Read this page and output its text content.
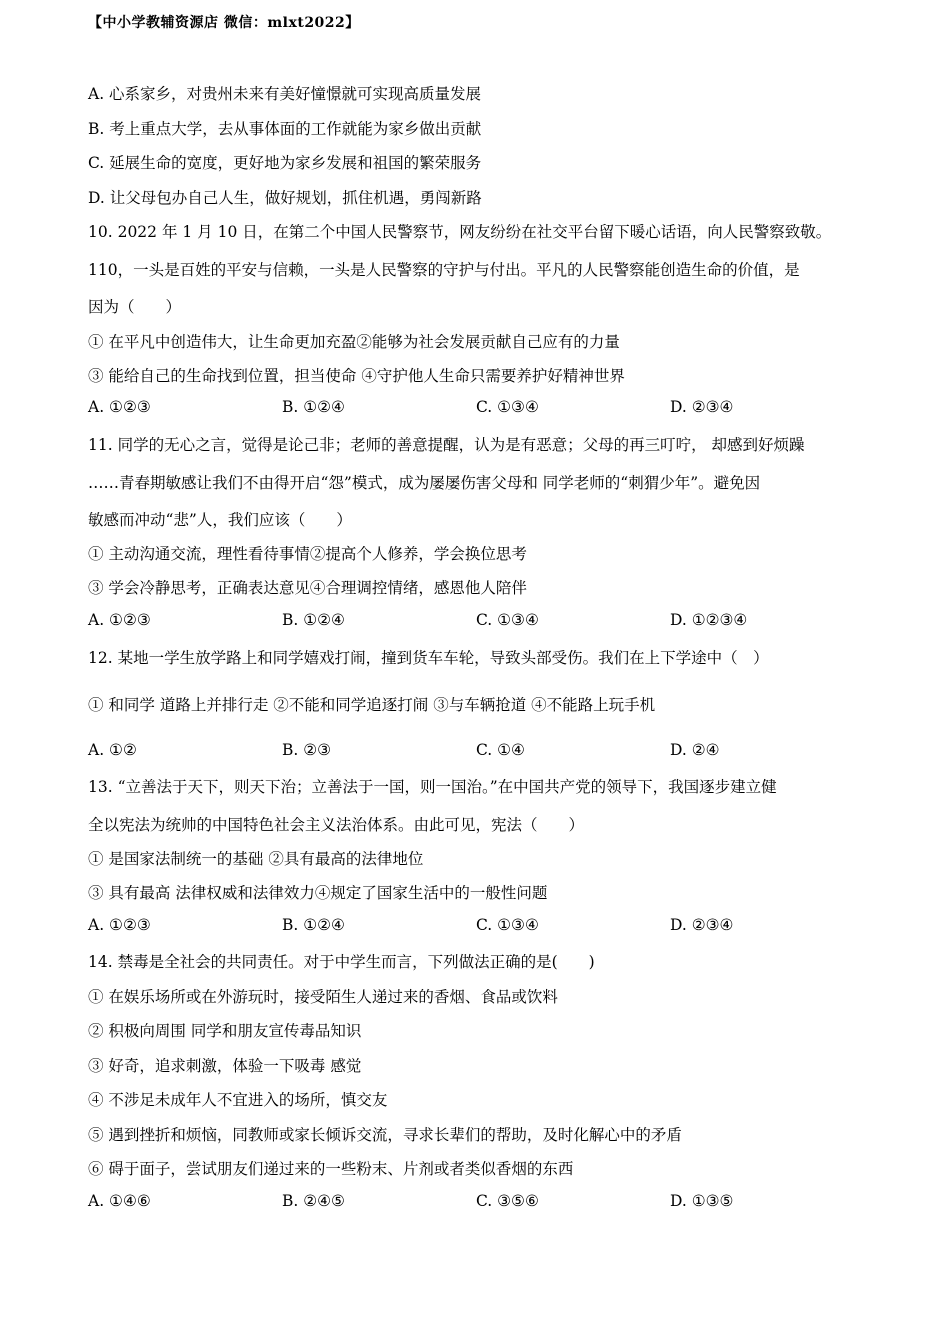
【中小学教辅资源店 微信：mlxt2022】
A. 心系家乡，对贵州未来有美好憧憬就可实现高质量发展
B. 考上重点大学，去从事体面的工作就能为家乡做出贡献
C. 延展生命的宽度，更好地为家乡发展和祖国的繁荣服务
D. 让父母包办自己人生，做好规划，抓住机遇，勇闯新路
10. 2022 年 1 月 10 日，在第二个中国人民警察节，网友纷纷在社交平台留下暖心话语，向人民警察致敬。
110，一头是百姓的平安与信赖，一头是人民警察的守护与付出。平凡的人民警察能创造生命的价值，是
因为（　　）
① 在平凡中创造伟大，让生命更加充盈②能够为社会发展贡献自己应有的力量
③ 能给自己的生命找到位置，担当使命 ④守护他人生命只需要养护好精神世界
A. ①②③	B. ①②④	C. ①③④	D. ②③④
11. 同学的无心之言，觉得是论己非；老师的善意提醒，认为是有恶意；父母的再三叮咛， 却感到好烦躁
……青春期敏感让我们不由得开启“怨”模式，成为屡屡伤害父母和 同学老师的“刺猬少年”。避免因
敏感而冲动“悲”人，我们应该（　　）
① 主动沟通交流，理性看待事情②提高个人修养，学会换位思考
③ 学会冷静思考，正确表达意见④合理调控情绪，感恩他人陪伴
A. ①②③	B. ①②④	C. ①③④	D. ①②③④
12. 某地一学生放学路上和同学嬉戏打闹，撞到货车车轮，导致头部受伤。我们在上下学途中（　）
① 和同学 道路上并排行走 ②不能和同学追逐打闹 ③与车辆抢道 ④不能路上玩手机
A. ①②	B. ②③	C. ①④	D. ②④
13. “立善法于天下，则天下治；立善法于一国，则一国治。”在中国共产党的领导下，我国逐步建立健
全以宪法为统帅的中国特色社会主义法治体系。由此可见，宪法（　　）
① 是国家法制统一的基础 ②具有最高的法律地位
③ 具有最高 法律权威和法律效力④规定了国家生活中的一般性问题
A. ①②③	B. ①②④	C. ①③④	D. ②③④
14. 禁毒是全社会的共同责任。对于中学生而言，下列做法正确的是(　　)
① 在娱乐场所或在外游玩时，接受陌生人递过来的香烟、食品或饮料
② 积极向周围 同学和朋友宣传毒品知识
③ 好奇，追求刺激，体验一下吸毒 感觉
④ 不涉足未成年人不宜进入的场所，慎交友
⑤ 遇到挫折和烦恼，同教师或家长倾诉交流，寻求长辈们的帮助，及时化解心中的矛盾
⑥ 碍于面子，尝试朋友们递过来的一些粉末、片剂或者类似香烟的东西
A. ①④⑥	B. ②④⑤	C. ③⑤⑥	D. ①③⑤
